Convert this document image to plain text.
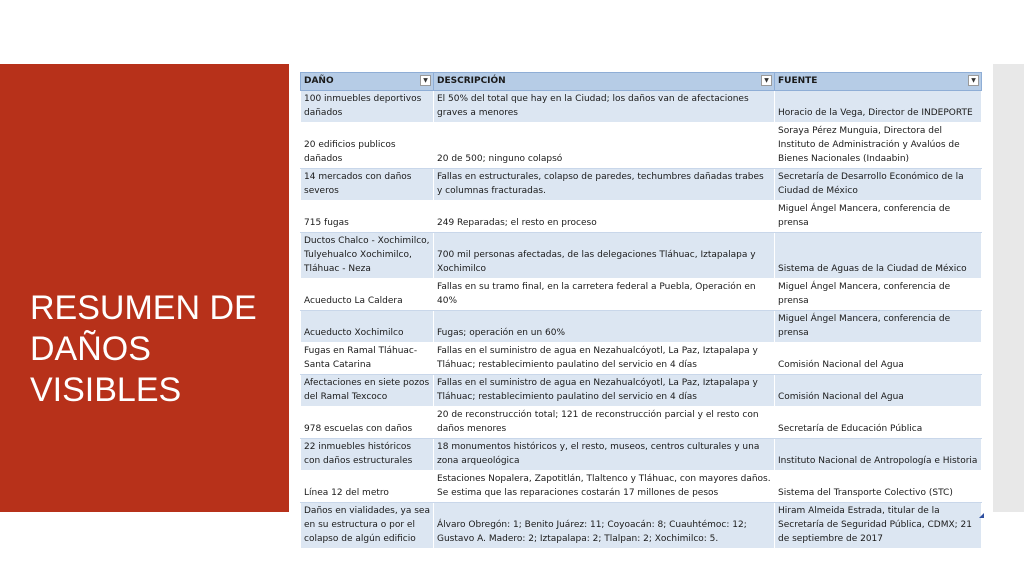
RESUMEN DE
DAÑOS
VISIBLES
DAÑO ▼	DESCRIPCIÓN ▼	FUENTE ▼

100 inmuebles deportivos dañados	El 50% del total que hay en la Ciudad; los daños van de afectaciones graves a menores	Horacio de la Vega, Director de INDEPORTE
20 edificios publicos dañados	20 de 500; ninguno colapsó	Soraya Pérez Munguia, Directora del Instituto de Administración y Avalúos de Bienes Nacionales (Indaabin)
14 mercados con daños severos	Fallas en estructurales, colapso de paredes, techumbres dañadas trabes y columnas fracturadas.	Secretaría de Desarrollo Económico de la Ciudad de México
715 fugas	249 Reparadas; el resto en proceso	Miguel Ángel Mancera, conferencia de prensa
Ductos Chalco - Xochimilco, Tulyehualco Xochimilco, Tláhuac - Neza	700 mil personas afectadas, de las delegaciones Tláhuac, Iztapalapa y Xochimilco	Sistema de Aguas de la Ciudad de México
Acueducto La Caldera	Fallas en su tramo final, en la carretera federal a Puebla, Operación en 40%	Miguel Ángel Mancera, conferencia de prensa
Acueducto Xochimilco	Fugas; operación en un 60%	Miguel Ángel Mancera, conferencia de prensa
Fugas en Ramal Tláhuac-Santa Catarina	Fallas en el suministro de agua en Nezahualcóyotl, La Paz, Iztapalapa y Tláhuac; restablecimiento paulatino del servicio en 4 días	Comisión Nacional del Agua
Afectaciones en siete pozos del Ramal Texcoco	Fallas en el suministro de agua en Nezahualcóyotl, La Paz, Iztapalapa y Tláhuac; restablecimiento paulatino del servicio en 4 días	Comisión Nacional del Agua
978 escuelas con daños	20 de reconstrucción total; 121 de reconstrucción parcial y el resto con daños menores	Secretaría de Educación Pública
22 inmuebles históricos con daños estructurales	18 monumentos históricos y, el resto, museos, centros culturales y una zona arqueológica	Instituto Nacional de Antropología e Historia
Línea 12 del metro	Estaciones Nopalera, Zapotitlán, Tlaltenco y Tláhuac, con mayores daños. Se estima que las reparaciones costarán 17 millones de pesos	Sistema del Transporte Colectivo (STC)
Daños en vialidades, ya sea en su estructura o por el colapso de algún edificio	Álvaro Obregón: 1; Benito Juárez: 11; Coyoacán: 8; Cuauhtémoc: 12; Gustavo A. Madero: 2; Iztapalapa: 2; Tlalpan: 2; Xochimilco: 5.	Hiram Almeida Estrada, titular de la Secretaría de Seguridad Pública, CDMX; 21 de septiembre de 2017
